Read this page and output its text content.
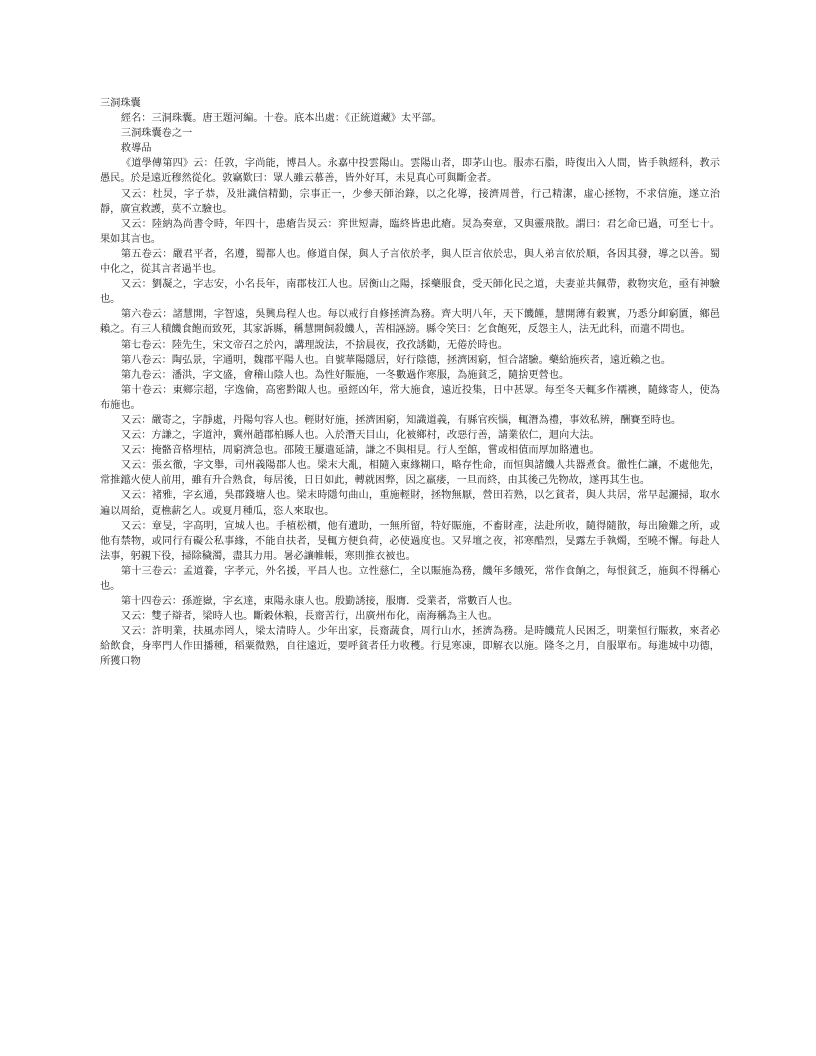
三洞珠囊

經名：三洞珠囊。唐王題河編。十卷。底本出處：《正統道藏》太平部。

三洞珠囊卷之一

救導品

《道學傳第四》云：任敦，字尚能，博昌人。永嘉中投雲陽山。雲陽山者，即茅山也。服赤石脂，時復出入人間，皆手執經科，教示愚民。於是遠近穆然從化。敦竊歎曰：眾人雖云慕善，皆外好耳，未見真心可與斷金者。

又云：杜炅，字子恭，及壯識信精勤，宗事正一，少參天師治錄，以之化導，接濟周普，行己精潔，虛心拯物，不求信施，遂立治靜，廣宣救護，莫不立驗也。

又云：陸納為尚書令時，年四十，患瘡告炅云：弈世短壽，臨終皆患此瘡。炅為奏章，又與靈飛散。謂曰：君乞命已過，可至七十。果如其言也。

第五卷云：嚴君平者，名遵，蜀都人也。修道自保，與人子言依於孝，與人臣言依於忠，與人弟言依於順，各因其發，導之以善。蜀中化之，從其言者過半也。

又云：劉凝之，字志安，小名長年，南郡枝江人也。居衡山之陽，採藥服食，受天師化民之道，夫妻並共佩帶，救物灾危，亟有神驗也。

第六卷云：諸慧開，字智遠，吳興烏程人也。每以戒行自修拯濟為務。齊大明八年，天下饑饉，慧開薄有穀實，乃悉分卹窮匱，鄉邑賴之。有三人積饑食飽而致死，其家訴縣，稱慧開飼殺饑人，苦相誣謗。縣令笑曰：乞食飽死，反怨主人，法无此科，而遣不問也。

第七卷云：陸先生，宋文帝召之於內，講理說法，不捨晨夜，孜孜誘勸，无倦於時也。

第八卷云：陶弘景，字通明，魏郡平陽人也。自號華陽隱居，好行陰德，拯濟困窮，恒合諸驗。藥給施疾者，遠近賴之也。

第九卷云：潘洪，字文盛，會稽山陰人也。為性好賑施，一冬數過作寒服，為施貧乏，隨捨更營也。

第十卷云：東鄉宗超，字逸倫，高密黔陬人也。亟經凶年，常大施食，遠近投集，日中甚眾。每至冬天輒多作襦襖，隨緣寄人，使為布施也。

又云：嚴寄之，字靜處，丹陽句容人也。輕財好施，拯濟困窮，知識道義，有縣官疾惱，輒潛為禮，事效私辨，酬賽至時也。

又云：方謙之，字道沖，冀州趙郡柏縣人也。入於潛天目山，化被鄉村，改惡行善，請業依仁，迴向大法。

又云：掩骼音格埋枯，周窮濟急也。邵陵王屢遣延請，謙之不與相見。行人至館，嘗或相值而厚加賂遺也。

又云：張玄徹，字文舉，司州義陽郡人也。梁末大亂，相隨入東緣糊口，略存性命，而恒與諸饑人共器煮食。徹性仁讓，不處他先，常推鐺火使人前用，雖有升合熟食，每居後，日日如此，轉就困弊，因之羸瘘，一旦而終，由其後己先物故，遂再其生也。

又云：褚雅，字玄通，吳郡錢塘人也。梁末時隱句曲山，重施輕財，拯物無厭，營田若熟，以乞貧者，與人共居，常早起灑掃，取水遍以周給，覔樵薪乞人。或夏月種瓜，恣人來取也。

又云：章旻，字高明，宣城人也。手植松檟，他有遺助，一無所留，特好賑施，不畜財產，法赴所收，隨得隨散，每出險難之所，或他有禁物，或同行有礙公私事緣，不能自扶者，旻輒方便負荷，必使過度也。又昇壇之夜，祁寒酷烈，旻露左手執燭，至曉不懈。每赴人法事，躬親下役，掃除穢濁，盡其力用。暑必讓帷帳，寒則推衣被也。

第十三卷云：孟道養，字孝元，外名援，平昌人也。立性慈仁，全以賑施為務，饑年多餓死，常作食餉之，每恨貧乏，施與不得稱心也。

第十四卷云：孫遊嶽，字玄達，東陽永康人也。殷勤誘接，服膺．受業者，常數百人也。

又云：雙子辯者，梁時人也。斷穀休粮，長齋苦行，出廣州布化，南海稱為主人也。

又云：許明業，扶風赤罔人，梁太清時人。少年出家，長齋蔬食，周行山水，拯濟為務。是時饑荒人民困乏，明業恒行賑救，來者必給飲食，身率門人作田播種，稻粟微熟，自往遠近，要呼貧者任力收穫。行見寒凍，即解衣以施。隆冬之月，自服單布。每進城中功德，所獲口物
